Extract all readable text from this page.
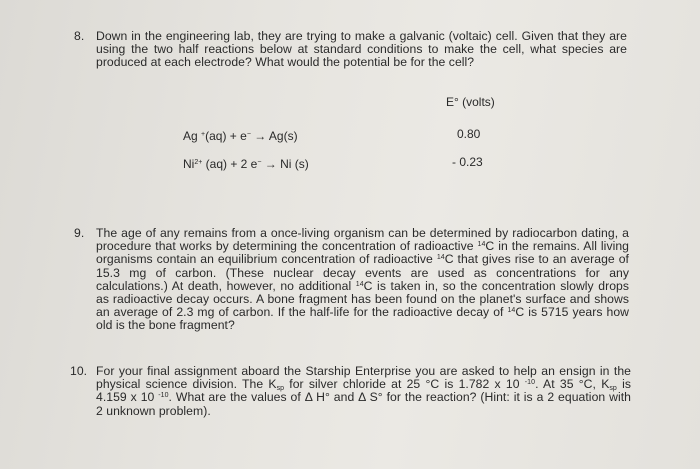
8. Down in the engineering lab, they are trying to make a galvanic (voltaic) cell. Given that they are
using the two half reactions below at standard conditions to make the cell, what species are
produced at each electrode? What would the potential be for the cell?
E° (volts)
Ag +(aq) + e− → Ag(s)	0.80
$Ni^{2+}$ (aq) + 2 e− → Ni (s)	- 0.23
9. The age of any remains from a once-living organism can be determined by radiocarbon dating, a
procedure that works by determining the concentration of radioactive $^{14}$C in the remains. All living
organisms contain an equilibrium concentration of radioactive $^{14}$C that gives rise to an average of
15.3 mg of carbon. (These nuclear decay events are used as concentrations for any
calculations.) At death, however, no additional $^{14}$C is taken in, so the concentration slowly drops
as radioactive decay occurs. A bone fragment has been found on the planet's surface and shows
an average of 2.3 mg of carbon. If the half-life for the radioactive decay of $^{14}$C is 5715 years how
old is the bone fragment?
10. For your final assignment aboard the Starship Enterprise you are asked to help an ensign in the
physical science division. The $K_{sp}$ for silver chloride at 25 °C is 1.782 x 10 $^{-10}$. At 35 °C, $K_{sp}$ is
4.159 x 10 $^{-10}$. What are the values of Δ H° and Δ S° for the reaction? (Hint: it is a 2 equation with
2 unknown problem).
